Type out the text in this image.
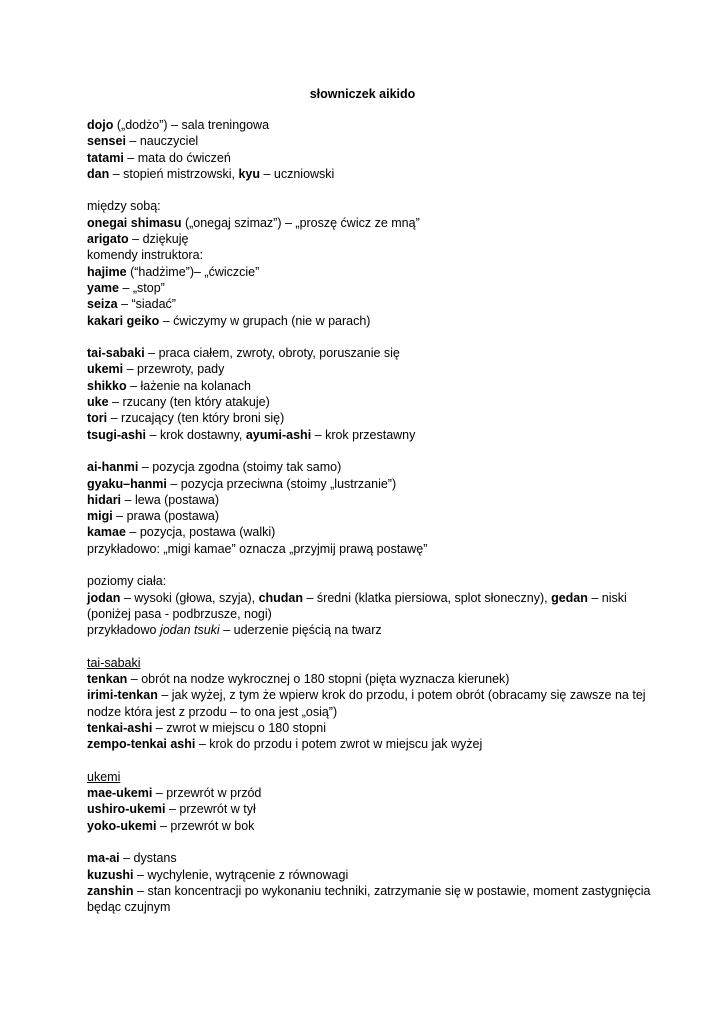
słowniczek aikido

dojo („dodżo”) – sala treningowa

sensei – nauczyciel

tatami – mata do ćwiczeń

dan – stopień mistrzowski, kyu – uczniowski

między sobą:

onegai shimasu („onegaj szimaz”) – „proszę ćwicz ze mną”

arigato – dziękuję

komendy instruktora:

hajime (“hadżime”)– „ćwiczcie”

yame – „stop”

seiza – “siadać”

kakari geiko – ćwiczymy w grupach (nie w parach)

tai-sabaki – praca ciałem, zwroty, obroty, poruszanie się

ukemi – przewroty, pady

shikko – łażenie na kolanach

uke – rzucany (ten który atakuje)

tori – rzucający (ten który broni się)

tsugi-ashi – krok dostawny, ayumi-ashi – krok przestawny

ai-hanmi – pozycja zgodna (stoimy tak samo)

gyaku–hanmi – pozycja przeciwna (stoimy „lustrzanie”)

hidari – lewa (postawa)

migi – prawa (postawa)

kamae – pozycja, postawa (walki)

przykładowo: „migi kamae” oznacza „przyjmij prawą postawę”

poziomy ciała:

jodan – wysoki (głowa, szyja), chudan – średni (klatka piersiowa, splot słoneczny), gedan – niski (poniżej pasa - podbrzusze, nogi)

przykładowo jodan tsuki – uderzenie pięścią na twarz

tai-sabaki

tenkan – obrót na nodze wykrocznej o 180 stopni (pięta wyznacza kierunek)

irimi-tenkan – jak wyżej, z tym że wpierw krok do przodu, i potem obrót (obracamy się zawsze na tej nodze która jest z przodu – to ona jest „osią”)

tenkai-ashi – zwrot w miejscu o 180 stopni

zempo-tenkai ashi – krok do przodu i potem zwrot w miejscu jak wyżej

ukemi

mae-ukemi – przewrót w przód

ushiro-ukemi – przewrót w tył

yoko-ukemi – przewrót w bok

ma-ai – dystans

kuzushi – wychylenie, wytrącenie z równowagi

zanshin – stan koncentracji po wykonaniu techniki, zatrzymanie się w postawie, moment zastygnięcia będąc czujnym
